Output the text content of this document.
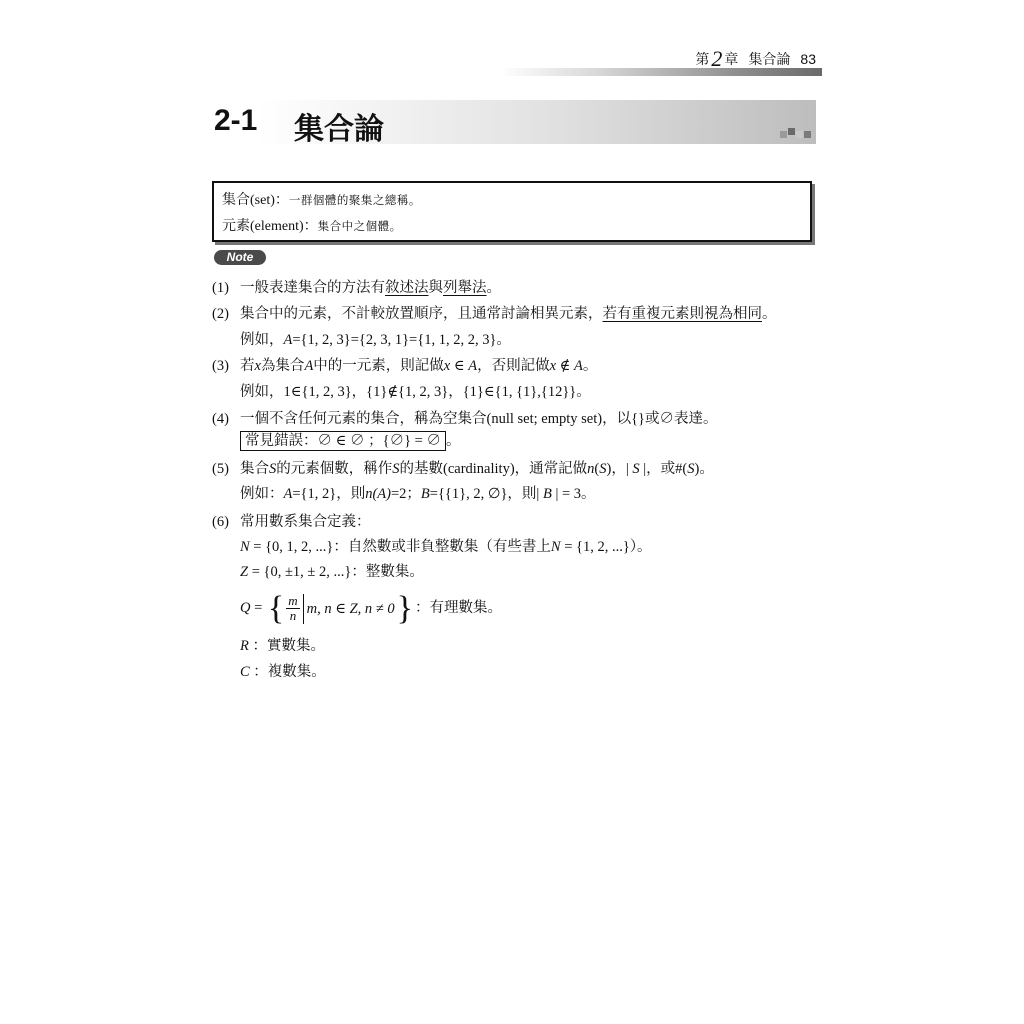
第2 章 集合論 83
2-1 集合論
集合(set)：一群個體的聚集之總稱。
元素(element)：集合中之個體。
Note
(1) 一般表達集合的方法有敘述法與列舉法。
(2) 集合中的元素，不計較放置順序，且通常討論相異元素，若有重複元素則視為相同。
例如，A={1, 2, 3}={2, 3, 1}={1, 1, 2, 2, 3}。
(3) 若x為集合A中的一元素，則記做x ∈ A，否則記做x ∉ A。
例如，1∈{1, 2, 3}，{1}∉{1, 2, 3}，{1}∈{1, {1},{12}}。
(4) 一個不含任何元素的集合，稱為空集合(null set; empty set)，以{}或∅表達。
常見錯誤：∅ ∈ ∅ ；{∅} = ∅ 。
(5) 集合S的元素個數，稱作S的基數(cardinality)，通常記做n(S)，| S |，或#(S)。
例如：A={1, 2}，則n(A)=2；B={{1}, 2, ∅}，則| B | = 3。
(6) 常用數系集合定義：
N = {0, 1, 2, ...}：自然數或非負整數集（有些書上N = {1, 2, ...}）。
Z = {0, ±1, ± 2, ...}：整數集。
Q = { $\frac{m}{n} m$, n ∈ Z, n ≠ 0 } ：有理數集。
R ：實數集。
C ：複數集。
